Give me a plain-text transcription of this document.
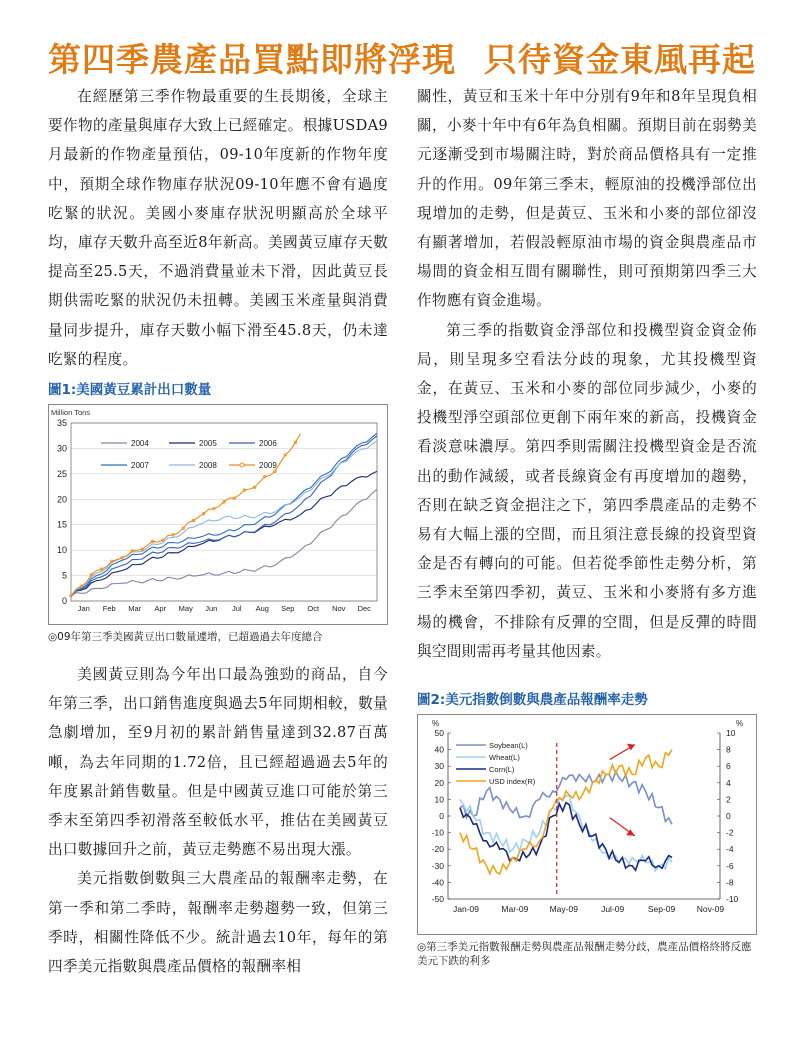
第四季農產品買點即將浮現 只待資金東風再起

在經歷第三季作物最重要的生長期後，全球主要作物的產量與庫存大致上已經確定。根據USDA9月最新的作物產量預估，09-10年度新的作物年度中，預期全球作物庫存狀況09-10年應不會有過度吃緊的狀況。美國小麥庫存狀況明顯高於全球平均，庫存天數升高至近8年新高。美國黃豆庫存天數提高至25.5天，不過消費量並未下滑，因此黃豆長期供需吃緊的狀況仍未扭轉。美國玉米產量與消費量同步提升，庫存天數小幅下滑至45.8天，仍未達吃緊的程度。

圖1:美國黃豆累計出口數量
Million Tons
0
5
10
15
20
25
30
35
Jan Feb Mar Apr May Jun Jul Aug Sep Oct Nov Dec
2004	2005	2006
2007	2008	2009
◎09年第三季美國黃豆出口數量遽增，已超過過去年度總合

美國黃豆則為今年出口最為強勁的商品，自今年第三季，出口銷售進度與過去5年同期相較，數量急劇增加，至9月初的累計銷售量達到32.87百萬噸，為去年同期的1.72倍，且已經超過過去5年的年度累計銷售數量。但是中國黃豆進口可能於第三季末至第四季初滑落至較低水平，推估在美國黃豆出口數據回升之前，黃豆走勢應不易出現大漲。

美元指數倒數與三大農產品的報酬率走勢，在第一季和第二季時，報酬率走勢趨勢一致，但第三季時，相關性降低不少。統計過去10年，每年的第四季美元指數與農產品價格的報酬率相

關性，黃豆和玉米十年中分別有9年和8年呈現負相關，小麥十年中有6年為負相關。預期目前在弱勢美元逐漸受到市場關注時，對於商品價格具有一定推升的作用。09年第三季末，輕原油的投機淨部位出現增加的走勢，但是黃豆、玉米和小麥的部位卻沒有顯著增加，若假設輕原油市場的資金與農產品市場間的資金相互間有關聯性，則可預期第四季三大作物應有資金進場。

第三季的指數資金淨部位和投機型資金資金佈局，則呈現多空看法分歧的現象，尤其投機型資金，在黃豆、玉米和小麥的部位同步減少，小麥的投機型淨空頭部位更創下兩年來的新高，投機資金看淡意味濃厚。第四季則需關注投機型資金是否流出的動作減緩，或者長線資金有再度增加的趨勢，否則在缺乏資金挹注之下，第四季農產品的走勢不易有大幅上漲的空間，而且須注意長線的投資型資金是否有轉向的可能。但若從季節性走勢分析，第三季末至第四季初，黃豆、玉米和小麥將有多方進場的機會，不排除有反彈的空間，但是反彈的時間與空間則需再考量其他因素。

圖2:美元指數倒數與農產品報酬率走勢
%	%
50
40
30
20
10
0
-10
-20
-30
-40
-50
10
8
6
4
2
0
-2
-4
-6
-8
-10
Jan-09	Mar-09 May-09	Jul-09	Sep-09	Nov-09
Soybean(L)
Wheat(L)
Corn(L)
USD index(R)
◎第三季美元指數報酬走勢與農產品報酬走勢分歧，農產品價格終將反應美元下跌的利多
